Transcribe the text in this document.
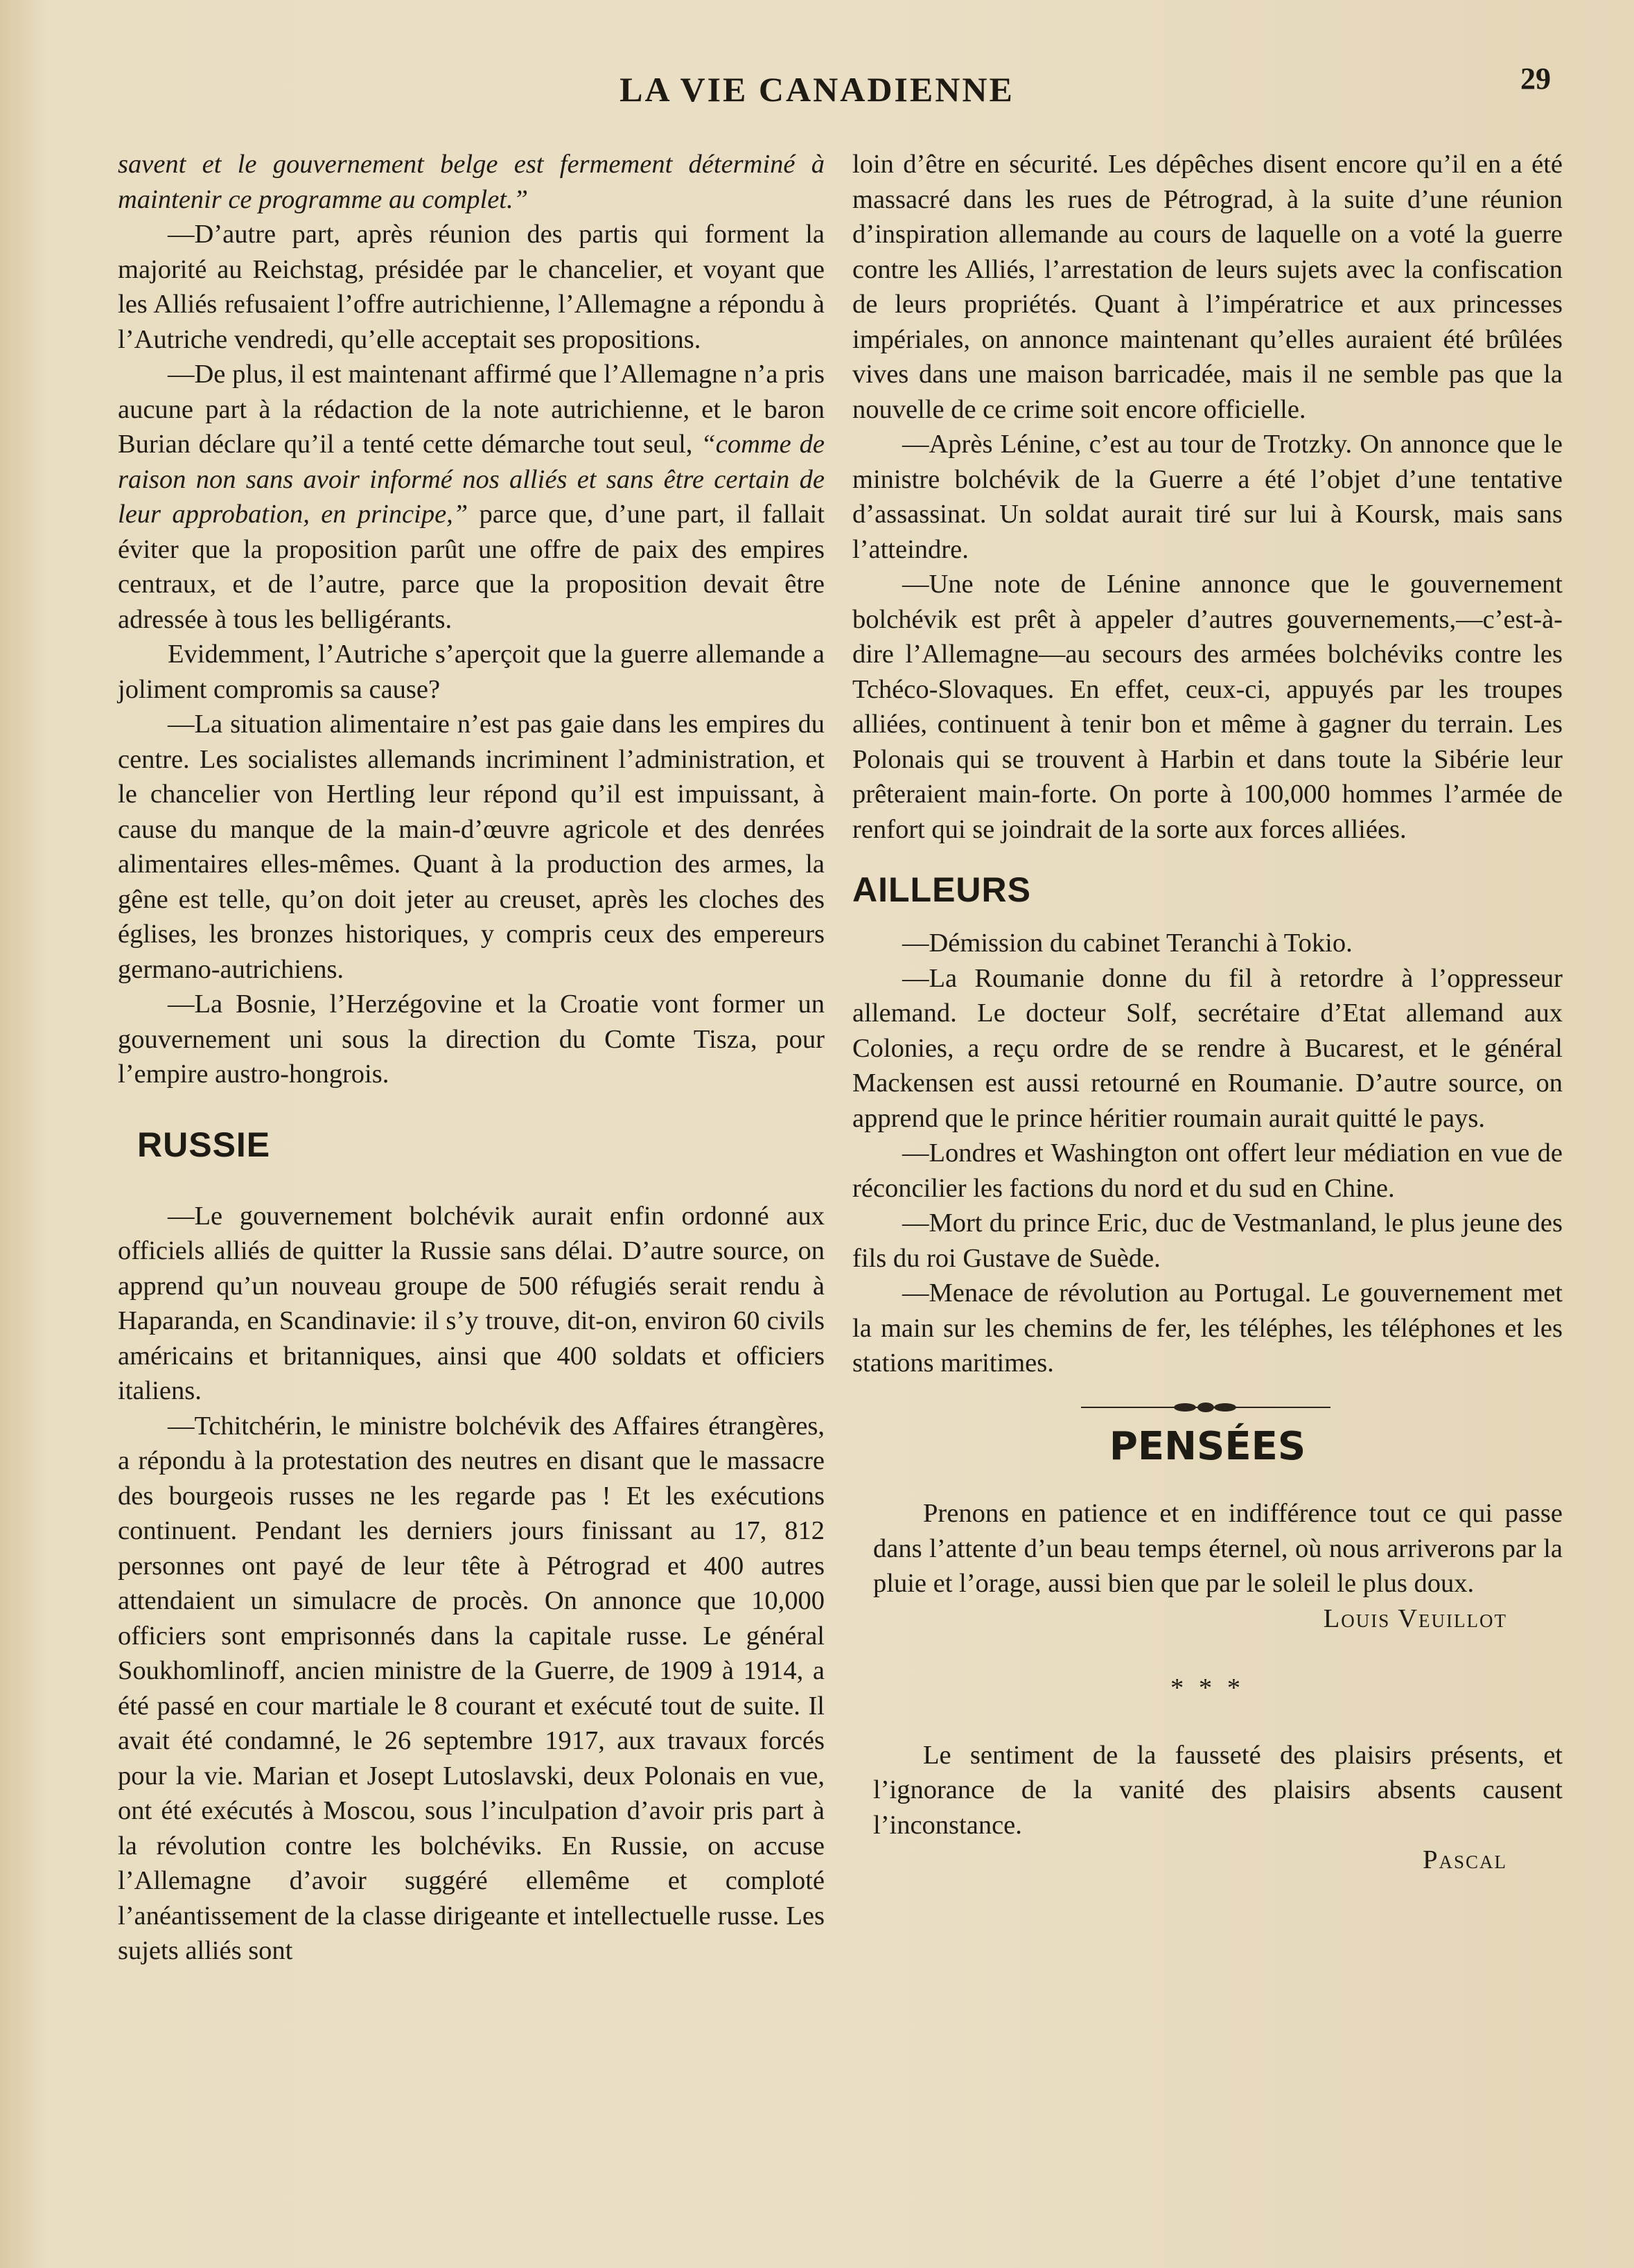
LA VIE CANADIENNE	29

savent et le gouvernement belge est fermement déterminé à maintenir ce programme au complet.”

—D’autre part, après réunion des partis qui forment la majorité au Reichstag, présidée par le chancelier, et voyant que les Alliés refusaient l’offre autrichienne, l’Allemagne a répondu à l’Autriche vendredi, qu’elle acceptait ses propositions.

—De plus, il est maintenant affirmé que l’Allemagne n’a pris aucune part à la rédaction de la note autrichienne, et le baron Burian déclare qu’il a tenté cette démarche tout seul, “comme de raison non sans avoir informé nos alliés et sans être certain de leur approbation, en principe,” parce que, d’une part, il fallait éviter que la proposition parût une offre de paix des empires centraux, et de l’autre, parce que la proposition devait être adressée à tous les belligérants.

Evidemment, l’Autriche s’aperçoit que la guerre allemande a joliment compromis sa cause?

—La situation alimentaire n’est pas gaie dans les empires du centre. Les socialistes allemands incriminent l’administration, et le chancelier von Hertling leur répond qu’il est impuissant, à cause du manque de la main-d’œuvre agricole et des denrées alimentaires elles-mêmes. Quant à la production des armes, la gêne est telle, qu’on doit jeter au creuset, après les cloches des églises, les bronzes historiques, y compris ceux des empereurs germano-autrichiens.

—La Bosnie, l’Herzégovine et la Croatie vont former un gouvernement uni sous la direction du Comte Tisza, pour l’empire austro-hongrois.

RUSSIE

—Le gouvernement bolchévik aurait enfin ordonné aux officiels alliés de quitter la Russie sans délai. D’autre source, on apprend qu’un nouveau groupe de 500 réfugiés serait rendu à Haparanda, en Scandinavie: il s’y trouve, dit-on, environ 60 civils américains et britanniques, ainsi que 400 soldats et officiers italiens.

—Tchitchérin, le ministre bolchévik des Affaires étrangères, a répondu à la protestation des neutres en disant que le massacre des bourgeois russes ne les regarde pas ! Et les exécutions continuent. Pendant les derniers jours finissant au 17, 812 personnes ont payé de leur tête à Pétrograd et 400 autres attendaient un simulacre de procès. On annonce que 10,000 officiers sont emprisonnés dans la capitale russe. Le général Soukhomlinoff, ancien ministre de la Guerre, de 1909 à 1914, a été passé en cour martiale le 8 courant et exécuté tout de suite. Il avait été condamné, le 26 septembre 1917, aux travaux forcés pour la vie. Marian et Josept Lutoslavski, deux Polonais en vue, ont été exécutés à Moscou, sous l’inculpation d’avoir pris part à la révolution contre les bolchéviks. En Russie, on accuse l’Allemagne d’avoir suggéré ellemême et comploté l’anéantissement de la classe dirigeante et intellectuelle russe. Les sujets alliés sont

loin d’être en sécurité. Les dépêches disent encore qu’il en a été massacré dans les rues de Pétrograd, à la suite d’une réunion d’inspiration allemande au cours de laquelle on a voté la guerre contre les Alliés, l’arrestation de leurs sujets avec la confiscation de leurs propriétés. Quant à l’impératrice et aux princesses impériales, on annonce maintenant qu’elles auraient été brûlées vives dans une maison barricadée, mais il ne semble pas que la nouvelle de ce crime soit encore officielle.

—Après Lénine, c’est au tour de Trotzky. On annonce que le ministre bolchévik de la Guerre a été l’objet d’une tentative d’assassinat. Un soldat aurait tiré sur lui à Koursk, mais sans l’atteindre.

—Une note de Lénine annonce que le gouvernement bolchévik est prêt à appeler d’autres gouvernements,—c’est-à-dire l’Allemagne—au secours des armées bolchéviks contre les Tchéco-Slovaques. En effet, ceux-ci, appuyés par les troupes alliées, continuent à tenir bon et même à gagner du terrain. Les Polonais qui se trouvent à Harbin et dans toute la Sibérie leur prêteraient main-forte. On porte à 100,000 hommes l’armée de renfort qui se joindrait de la sorte aux forces alliées.

AILLEURS

—Démission du cabinet Teranchi à Tokio.

—La Roumanie donne du fil à retordre à l’oppresseur allemand. Le docteur Solf, secrétaire d’Etat allemand aux Colonies, a reçu ordre de se rendre à Bucarest, et le général Mackensen est aussi retourné en Roumanie. D’autre source, on apprend que le prince héritier roumain aurait quitté le pays.

—Londres et Washington ont offert leur médiation en vue de réconcilier les factions du nord et du sud en Chine.

—Mort du prince Eric, duc de Vestmanland, le plus jeune des fils du roi Gustave de Suède.

—Menace de révolution au Portugal. Le gouvernement met la main sur les chemins de fer, les téléphes, les téléphones et les stations maritimes.

PENSÉES

Prenons en patience et en indifférence tout ce qui passe dans l’attente d’un beau temps éternel, où nous arriverons par la pluie et l’orage, aussi bien que par le soleil le plus doux.

Louis Veuillot

* * *

Le sentiment de la fausseté des plaisirs présents, et l’ignorance de la vanité des plaisirs absents causent l’inconstance.

Pascal
